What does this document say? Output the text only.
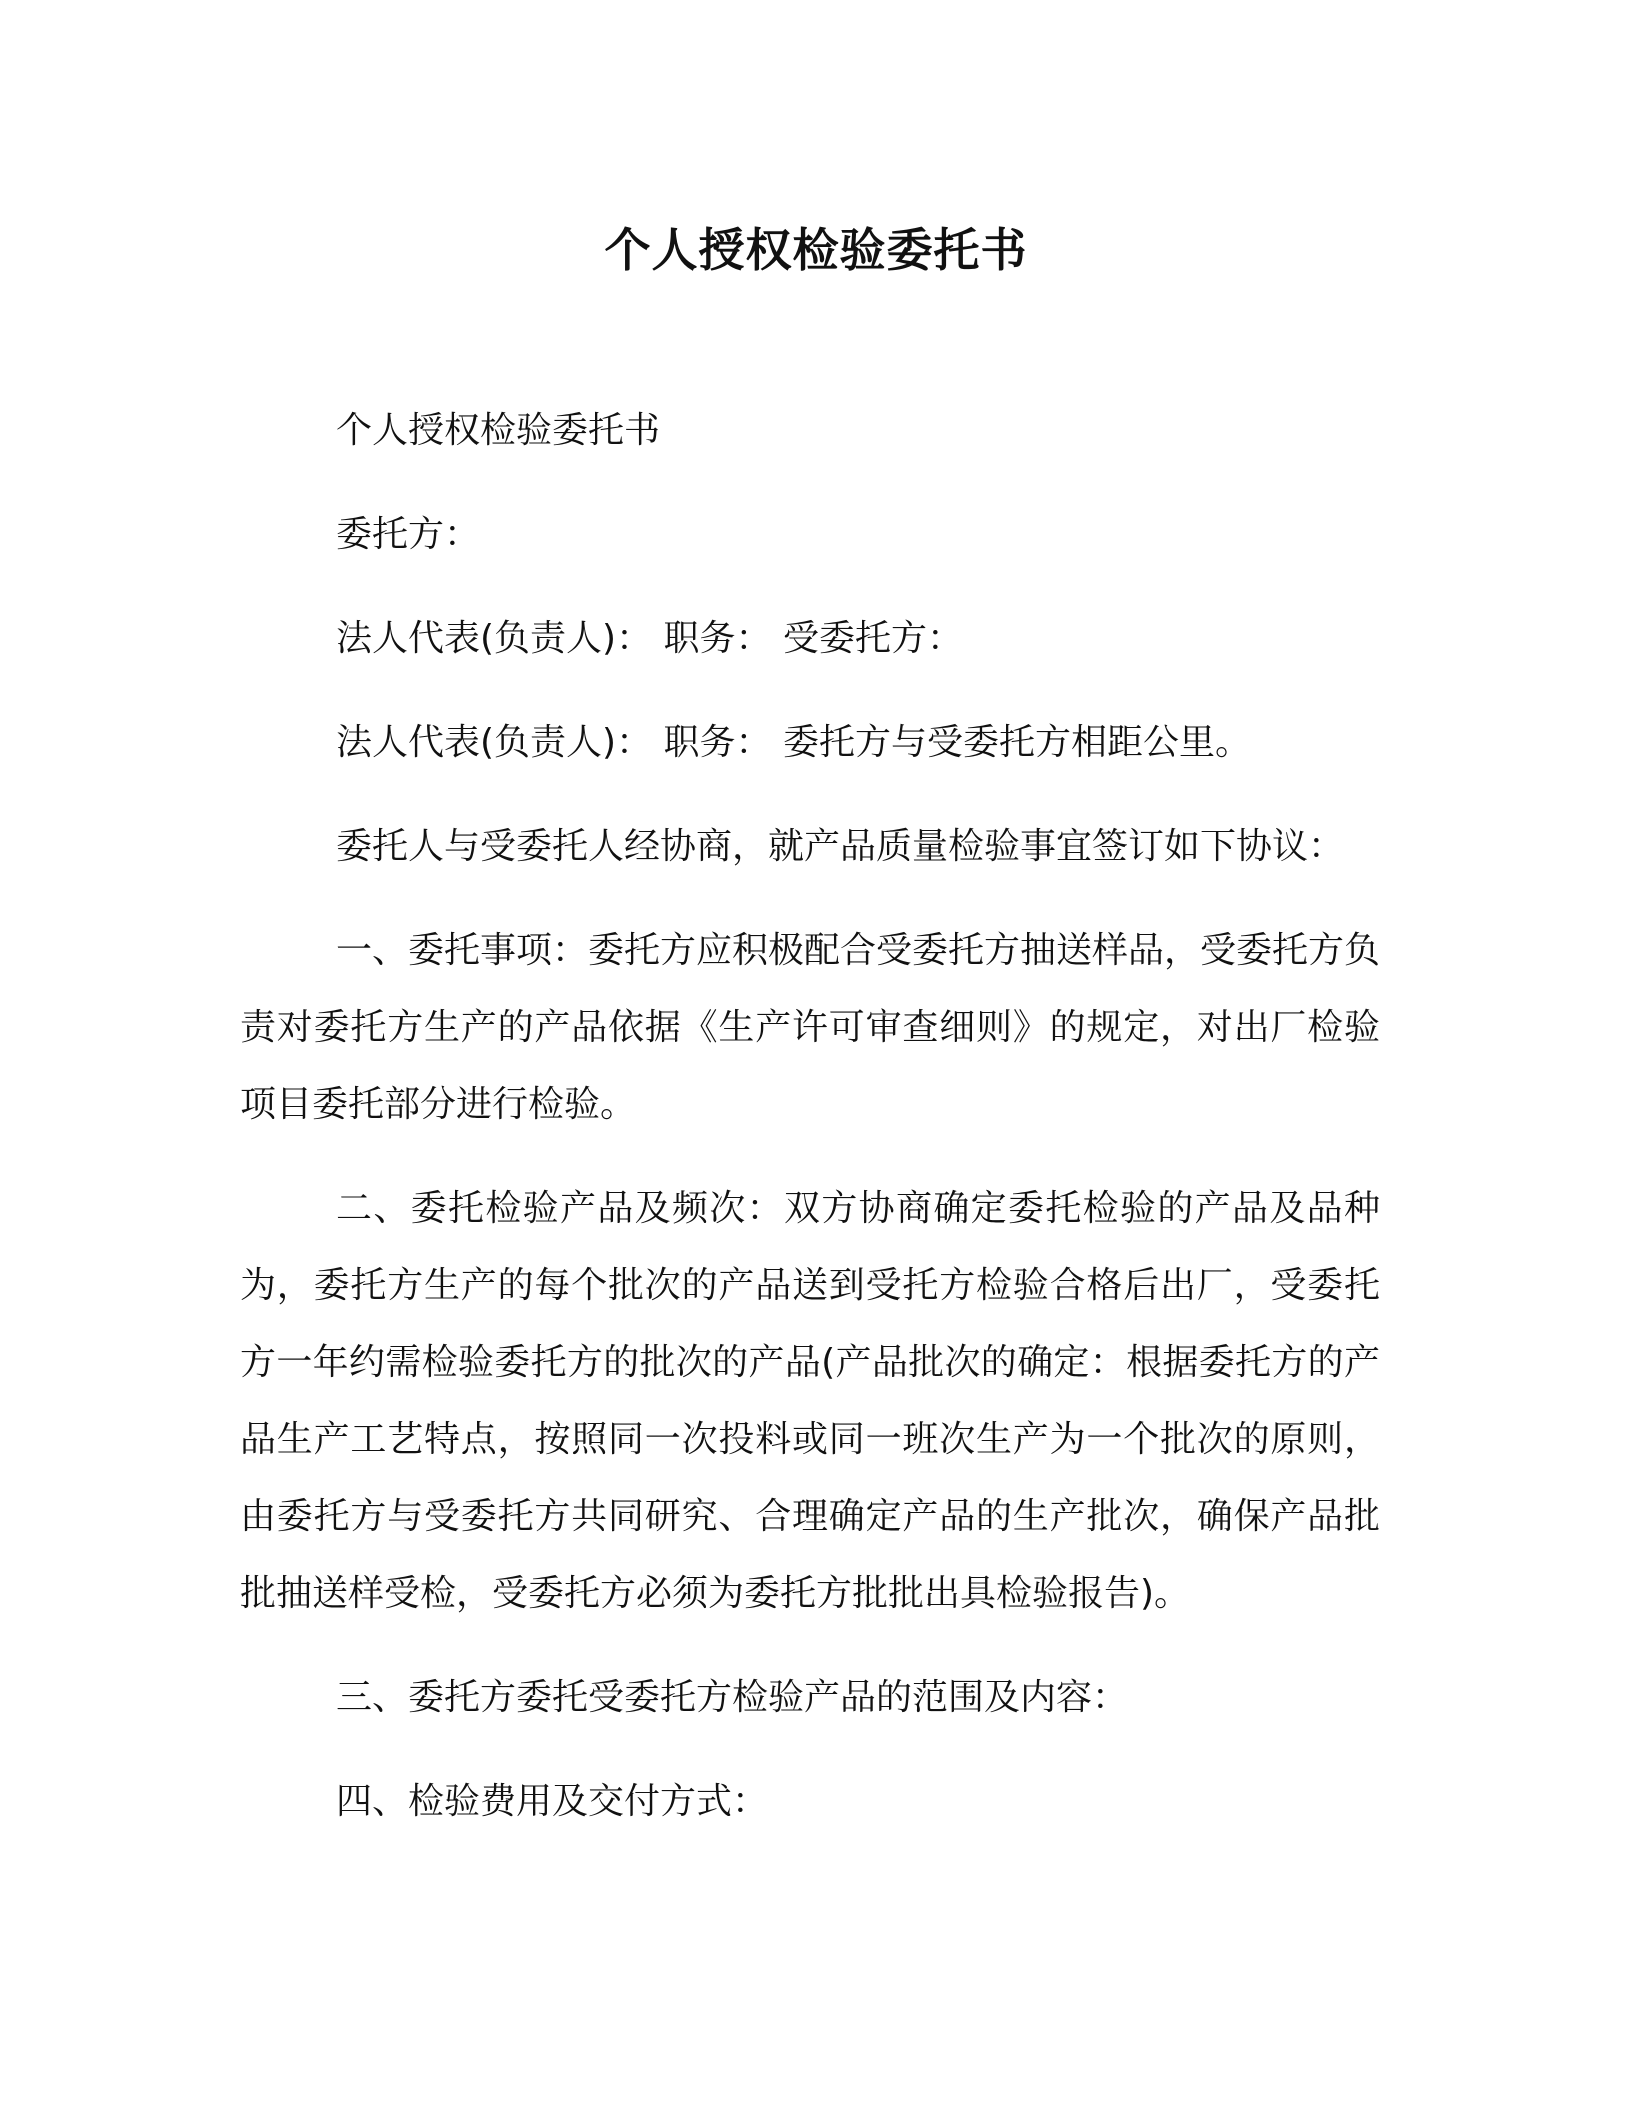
个人授权检验委托书

个人授权检验委托书

委托方：

法人代表(负责人)： 职务： 受委托方：

法人代表(负责人)： 职务： 委托方与受委托方相距公里。

委托人与受委托人经协商，就产品质量检验事宜签订如下协议：

一、委托事项：委托方应积极配合受委托方抽送样品，受委托方负责对委托方生产的产品依据《生产许可审查细则》的规定，对出厂检验项目委托部分进行检验。

二、委托检验产品及频次：双方协商确定委托检验的产品及品种为，委托方生产的每个批次的产品送到受托方检验合格后出厂，受委托方一年约需检验委托方的批次的产品(产品批次的确定：根据委托方的产品生产工艺特点，按照同一次投料或同一班次生产为一个批次的原则，由委托方与受委托方共同研究、合理确定产品的生产批次，确保产品批批抽送样受检，受委托方必须为委托方批批出具检验报告)。

三、委托方委托受委托方检验产品的范围及内容：

四、检验费用及交付方式：
